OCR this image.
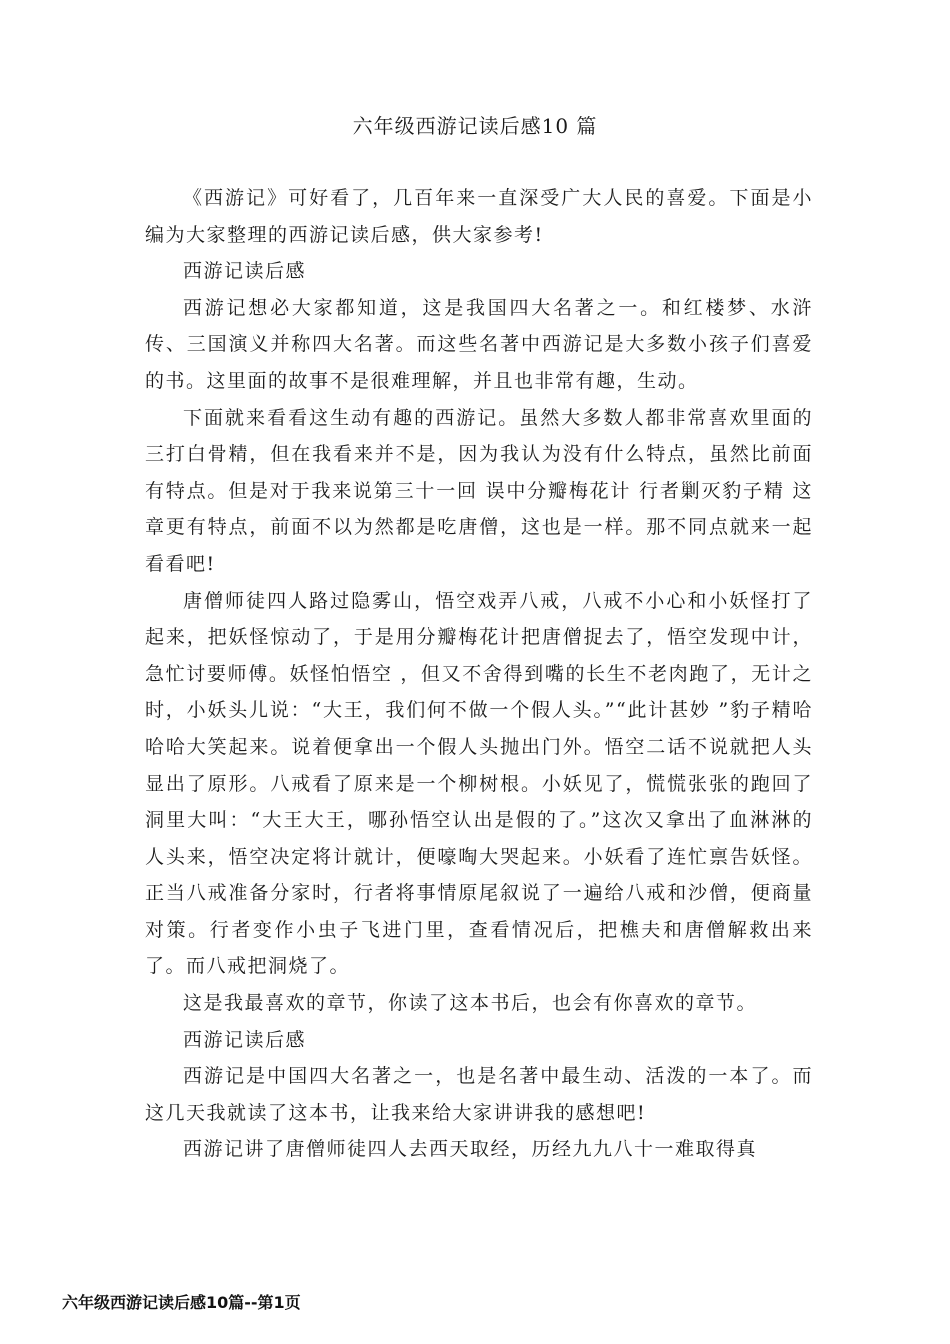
六年级西游记读后感10 篇

《西游记》可好看了，几百年来一直深受广大人民的喜爱。下面是小编为大家整理的西游记读后感，供大家参考!

西游记读后感

西游记想必大家都知道，这是我国四大名著之一。和红楼梦、水浒传、三国演义并称四大名著。而这些名著中西游记是大多数小孩子们喜爱的书。这里面的故事不是很难理解，并且也非常有趣，生动。

下面就来看看这生动有趣的西游记。虽然大多数人都非常喜欢里面的三打白骨精，但在我看来并不是，因为我认为没有什么特点，虽然比前面有特点。但是对于我来说第三十一回 误中分瓣梅花计 行者剿灭豹子精 这章更有特点，前面不以为然都是吃唐僧，这也是一样。那不同点就来一起看看吧!

唐僧师徒四人路过隐雾山，悟空戏弄八戒，八戒不小心和小妖怪打了起来，把妖怪惊动了，于是用分瓣梅花计把唐僧捉去了，悟空发现中计，急忙讨要师傅。妖怪怕悟空 ，但又不舍得到嘴的长生不老肉跑了，无计之时，小妖头儿说：“大王，我们何不做一个假人头。”“此计甚妙 ”豹子精哈哈哈大笑起来。说着便拿出一个假人头抛出门外。悟空二话不说就把人头显出了原形。八戒看了原来是一个柳树根。小妖见了，慌慌张张的跑回了洞里大叫：“大王大王，哪孙悟空认出是假的了。”这次又拿出了血淋淋的人头来，悟空决定将计就计，便嚎啕大哭起来。小妖看了连忙禀告妖怪。正当八戒准备分家时，行者将事情原尾叙说了一遍给八戒和沙僧，便商量对策。行者变作小虫子飞进门里，查看情况后，把樵夫和唐僧解救出来了。而八戒把洞烧了。

这是我最喜欢的章节，你读了这本书后，也会有你喜欢的章节。

西游记读后感

西游记是中国四大名著之一，也是名著中最生动、活泼的一本了。而这几天我就读了这本书，让我来给大家讲讲我的感想吧!

西游记讲了唐僧师徒四人去西天取经，历经九九八十一难取得真

六年级西游记读后感10篇--第1页
